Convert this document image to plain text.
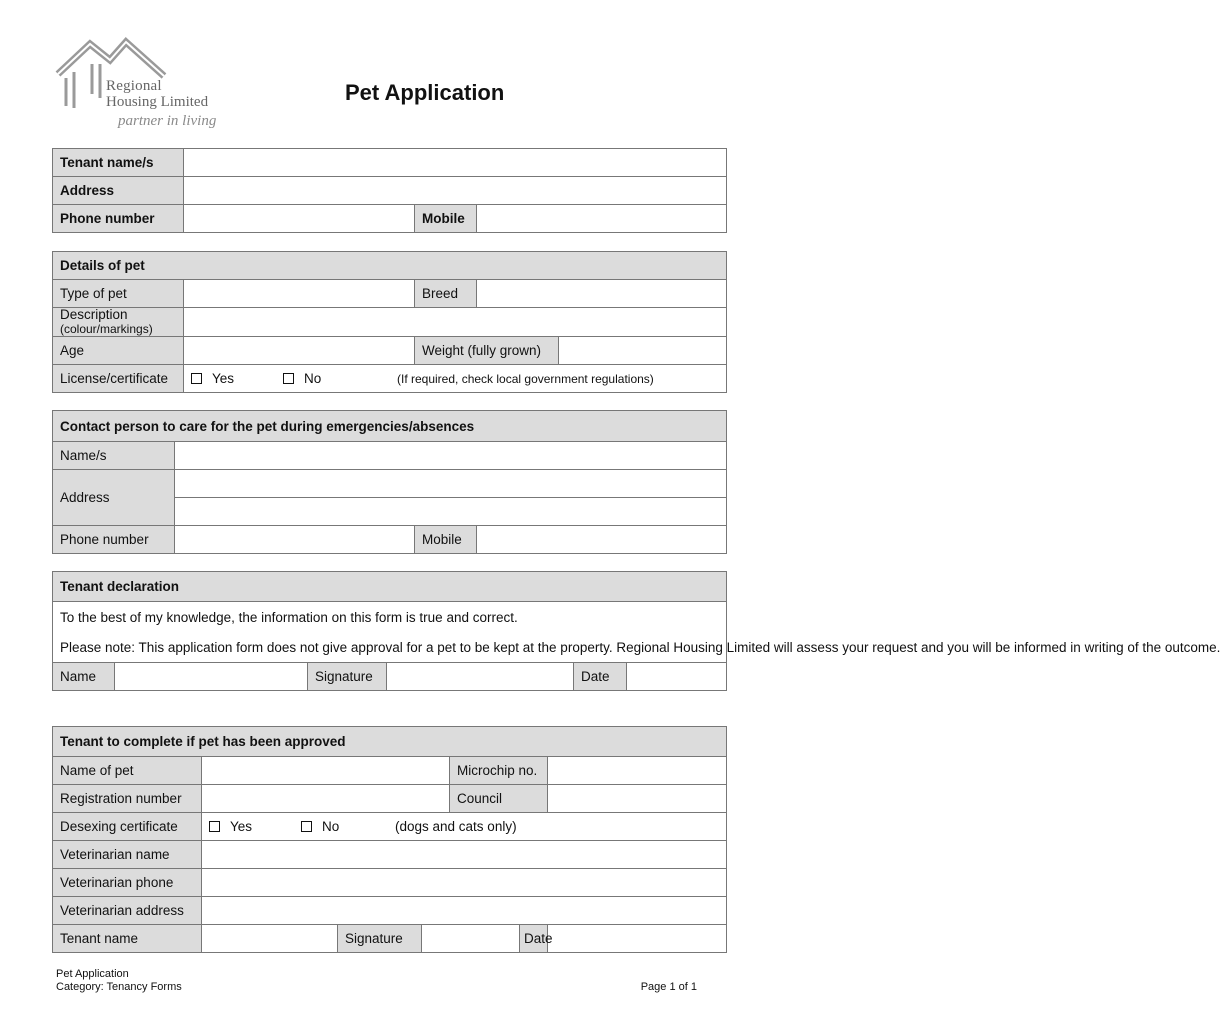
Regional
Housing Limited
partner in living
Pet Application
Tenant name/s			
Address			
Phone number		Mobile	
Details of pet				
Type of pet		Breed		

Description
(colour/markings)				

Age		Weight (fully grown)		
License/certificate	Yes No (If required, check local government regulations)			
Contact person to care for the pet during emergencies/absences			
Name/s			
Address			

Phone number		Mobile	
Tenant declaration

To the best of my knowledge, the information on this form is true and correct.
Please note: This application form does not give approval for a pet to be kept at the property. Regional Housing Limited will assess your request and you will be informed in writing of the outcome.

Name		Signature		Date	
Tenant to complete if pet has been approved						
Name of pet				Microchip no.		
Registration number				Council		
Desexing certificate	Yes No (dogs and cats only)					
Veterinarian name						
Veterinarian phone						
Veterinarian address						
Tenant name		Signature			Date	
Pet Application
Category: Tenancy Forms	Page 1 of 1
